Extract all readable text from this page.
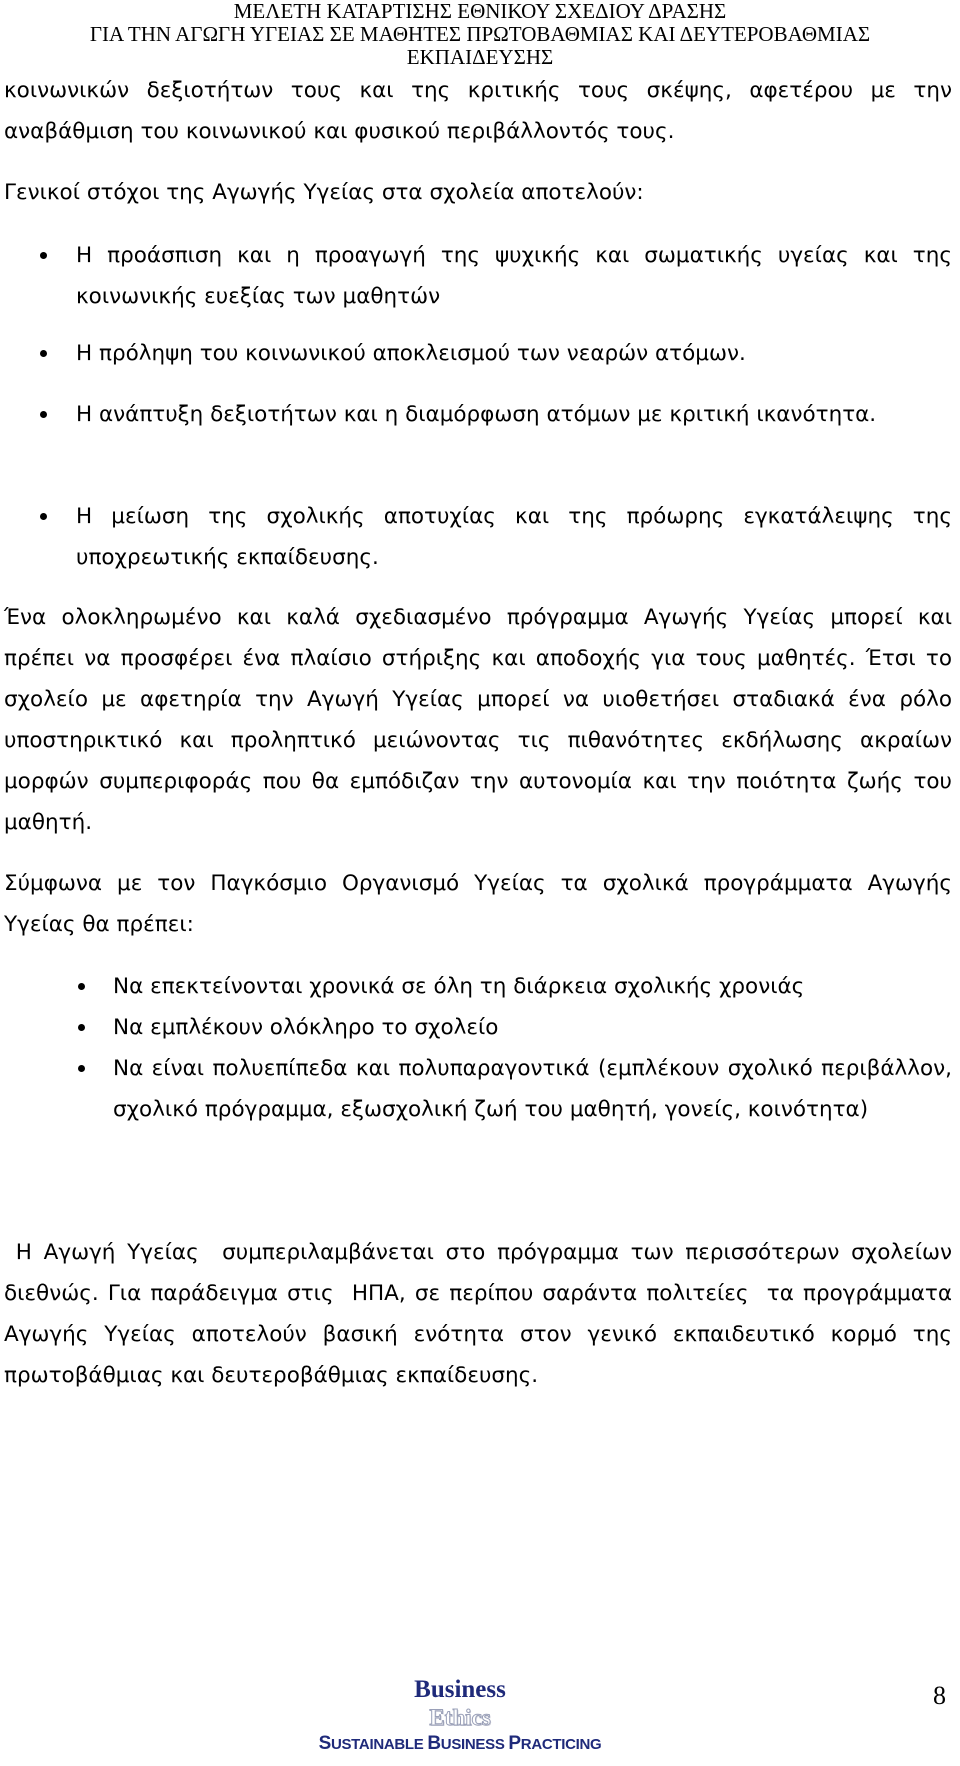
ΜΕΛΕΤΗ ΚΑΤΑΡΤΙΣΗΣ ΕΘΝΙΚΟΥ ΣΧΕΔΙΟΥ ΔΡΑΣΗΣ
ΓΙΑ ΤΗΝ ΑΓΩΓΗ ΥΓΕΙΑΣ ΣΕ ΜΑΘΗΤΕΣ ΠΡΩΤΟΒΑΘΜΙΑΣ ΚΑΙ ΔΕΥΤΕΡΟΒΑΘΜΙΑΣ
ΕΚΠΑΙΔΕΥΣΗΣ

κοινωνικών δεξιοτήτων τους και της κριτικής τους σκέψης, αφετέρου με την αναβάθμιση του κοινωνικού και φυσικού περιβάλλοντός τους.

Γενικοί στόχοι της Αγωγής Υγείας στα σχολεία αποτελούν:

Η προάσπιση και η προαγωγή της ψυχικής και σωματικής υγείας και της κοινωνικής ευεξίας των μαθητών
Η πρόληψη του κοινωνικού αποκλεισμού των νεαρών ατόμων.
Η ανάπτυξη δεξιοτήτων και η διαμόρφωση ατόμων με κριτική ικανότητα.
Η μείωση της σχολικής αποτυχίας και της πρόωρης εγκατάλειψης της υποχρεωτικής εκπαίδευσης.

Ένα ολοκληρωμένο και καλά σχεδιασμένο πρόγραμμα Αγωγής Υγείας μπορεί και πρέπει να προσφέρει ένα πλαίσιο στήριξης και αποδοχής για τους μαθητές. Έτσι το σχολείο με αφετηρία την Αγωγή Υγείας μπορεί να υιοθετήσει σταδιακά ένα ρόλο υποστηρικτικό και προληπτικό μειώνοντας τις πιθανότητες εκδήλωσης ακραίων μορφών συμπεριφοράς που θα εμπόδιζαν την αυτονομία και την ποιότητα ζωής του μαθητή.

Σύμφωνα με τον Παγκόσμιο Οργανισμό Υγείας τα σχολικά προγράμματα Αγωγής Υγείας θα πρέπει:

Να επεκτείνονται χρονικά σε όλη τη διάρκεια σχολικής χρονιάς
Να εμπλέκουν ολόκληρο το σχολείο
Να είναι πολυεπίπεδα και πολυπαραγοντικά (εμπλέκουν σχολικό περιβάλλον, σχολικό πρόγραμμα, εξωσχολική ζωή του μαθητή, γονείς, κοινότητα)

Η Αγωγή Υγείας  συμπεριλαμβάνεται στο πρόγραμμα των περισσότερων σχολείων διεθνώς. Για παράδειγμα στις  ΗΠΑ, σε περίπου σαράντα πολιτείες  τα προγράμματα Αγωγής Υγείας αποτελούν βασική ενότητα στον γενικό εκπαιδευτικό κορμό της πρωτοβάθμιας και δευτεροβάθμιας εκπαίδευσης.

Business
Ethics
SUSTAINABLE BUSINESS PRACTICING
8
